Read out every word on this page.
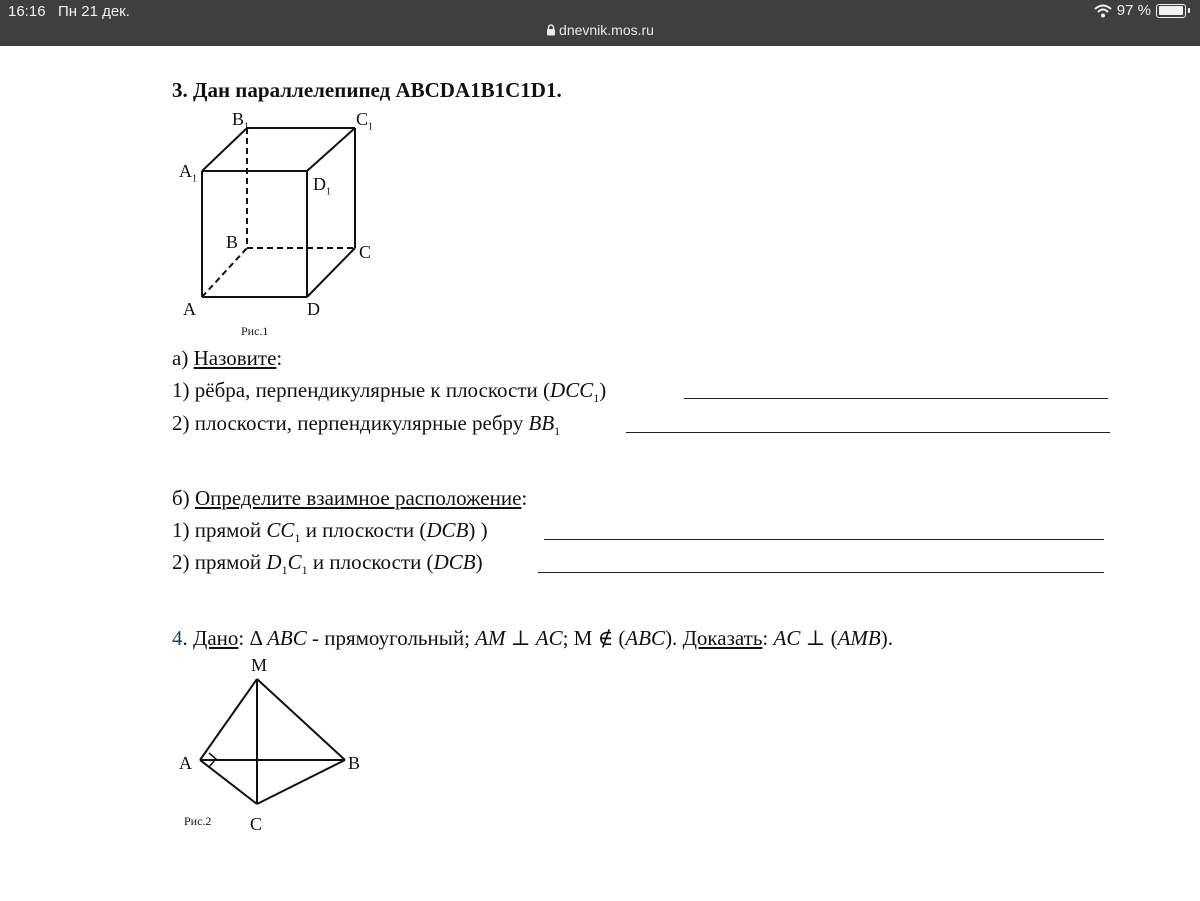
16:16 Пн 21 дек.	97 %
dnevnik.mos.ru
3. Дан параллелепипед ABCDA1B1C1D1.
$B_1$	$C_1$
$A_1$	$D_1$
B	C
A	D
Рис.1
а) Назовите:
1) рёбра, перпендикулярные к плоскости $(DCC_1)$
2) плоскости, перпендикулярные ребру $BB_1$
б) Определите взаимное расположение:
1) прямой $CC_1$ и плоскости (DCB) )
2) прямой $D_1C_1$ и плоскости (DCB)
4. Дано: Δ ABC - прямоугольный; AM ⊥ AC; М ∉ (ABC). Доказать: AC ⊥ (AMB).
M
A	B
C
Рис.2
